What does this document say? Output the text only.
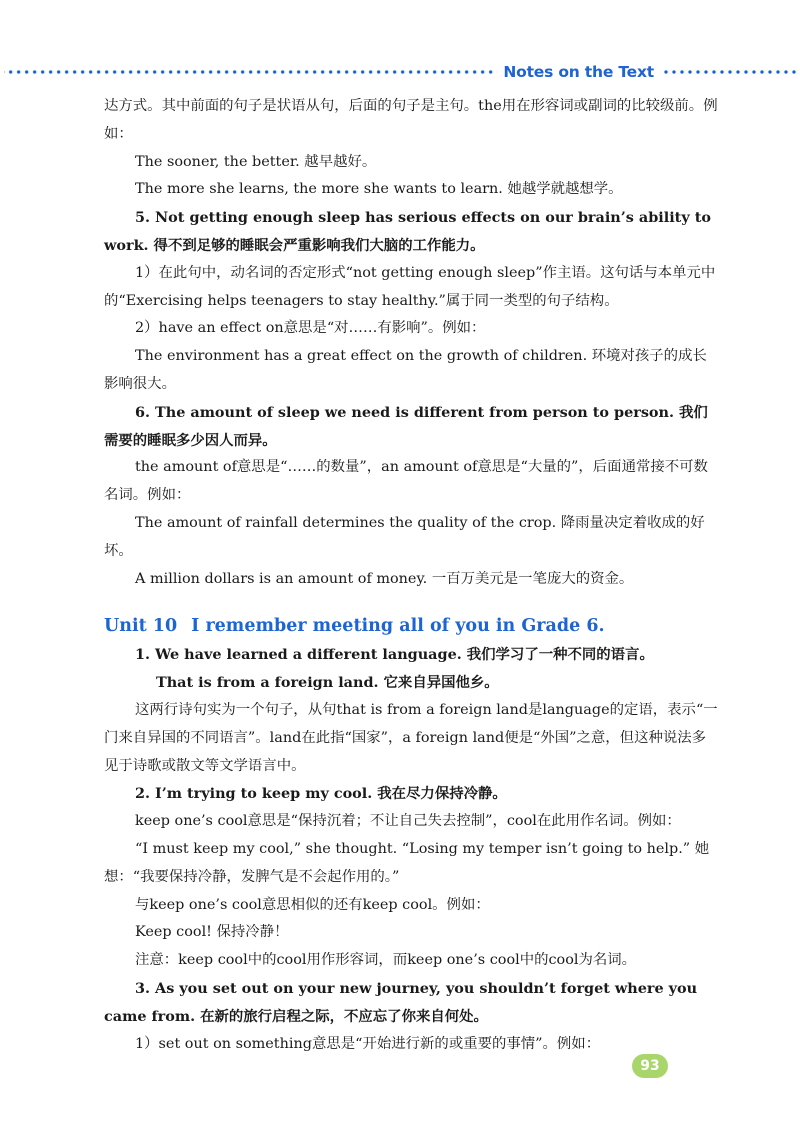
Notes on the Text

达方式。其中前面的句子是状语从句，后面的句子是主句。the用在形容词或副词的比较级前。例如：

The sooner, the better. 越早越好。

The more she learns, the more she wants to learn. 她越学就越想学。

5. Not getting enough sleep has serious effects on our brain’s ability to work. 得不到足够的睡眠会严重影响我们大脑的工作能力。

1）在此句中，动名词的否定形式“not getting enough sleep”作主语。这句话与本单元中的“Exercising helps teenagers to stay healthy.”属于同一类型的句子结构。

2）have an effect on意思是“对……有影响”。例如：

The environment has a great effect on the growth of children. 环境对孩子的成长影响很大。

6. The amount of sleep we need is different from person to person. 我们需要的睡眠多少因人而异。

the amount of意思是“……的数量”，an amount of意思是“大量的”，后面通常接不可数名词。例如：

The amount of rainfall determines the quality of the crop. 降雨量决定着收成的好坏。

A million dollars is an amount of money. 一百万美元是一笔庞大的资金。

Unit 10 I remember meeting all of you in Grade 6.

1. We have learned a different language. 我们学习了一种不同的语言。

That is from a foreign land. 它来自异国他乡。

这两行诗句实为一个句子，从句that is from a foreign land是language的定语，表示“一门来自异国的不同语言”。land在此指“国家”，a foreign land便是“外国”之意，但这种说法多见于诗歌或散文等文学语言中。

2. I’m trying to keep my cool. 我在尽力保持冷静。

keep one’s cool意思是“保持沉着；不让自己失去控制”，cool在此用作名词。例如：

“I must keep my cool,” she thought. “Losing my temper isn’t going to help.” 她想：“我要保持冷静，发脾气是不会起作用的。”

与keep one’s cool意思相似的还有keep cool。例如：

Keep cool! 保持冷静！

注意：keep cool中的cool用作形容词，而keep one’s cool中的cool为名词。

3. As you set out on your new journey, you shouldn’t forget where you came from. 在新的旅行启程之际，不应忘了你来自何处。

1）set out on something意思是“开始进行新的或重要的事情”。例如：

93
